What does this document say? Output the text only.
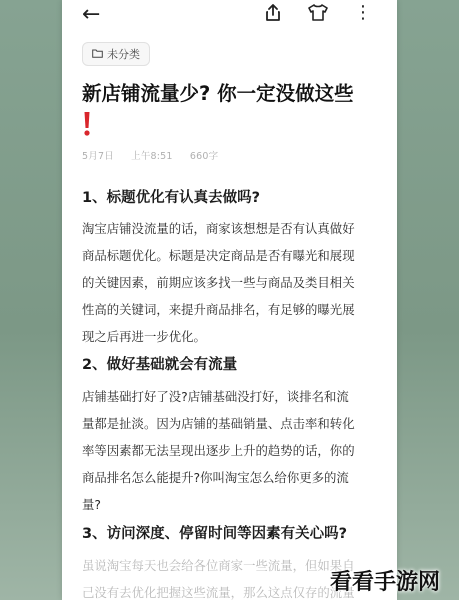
←	⋮
未分类
新店铺流量少? 你一定没做这些
5月7日 上午8:51 660字
1、标题优化有认真去做吗?

淘宝店铺没流量的话，商家该想想是否有认真做好
商品标题优化。标题是决定商品是否有曝光和展现
的关键因素，前期应该多找一些与商品及类目相关
性高的关键词，来提升商品排名，有足够的曝光展
现之后再进一步优化。

2、做好基础就会有流量

店铺基础打好了没?店铺基础没打好，谈排名和流
量都是扯淡。因为店铺的基础销量、点击率和转化
率等因素都无法呈现出逐步上升的趋势的话，你的
商品排名怎么能提升?你叫淘宝怎么给你更多的流
量?

3、访问深度、停留时间等因素有关心吗?

虽说淘宝每天也会给各位商家一些流量，但如果自
己没有去优化把握这些流量，那么这点仅存的流量

看看手游网
